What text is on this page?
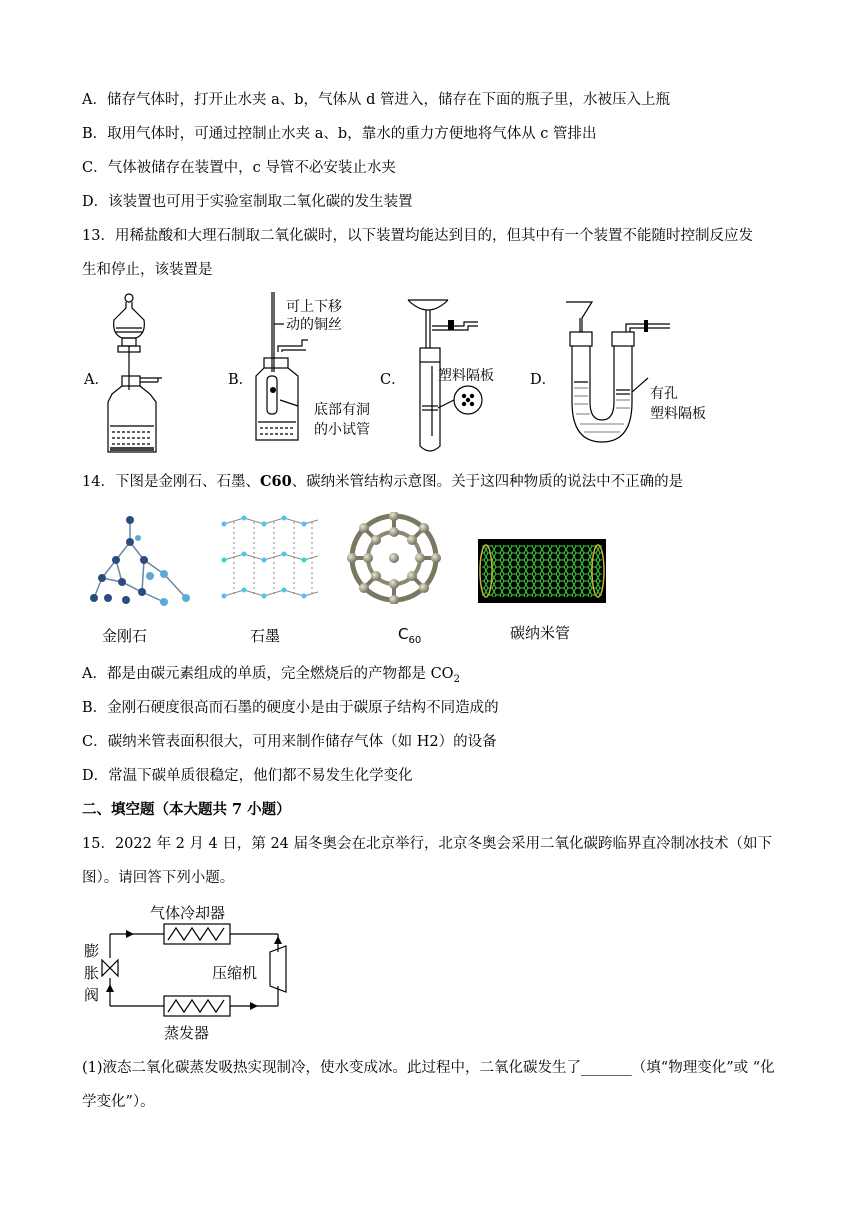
A．储存气体时，打开止水夹 a、b，气体从 d 管进入，储存在下面的瓶子里，水被压入上瓶
B．取用气体时，可通过控制止水夹 a、b，靠水的重力方便地将气体从 c 管排出
C．气体被储存在装置中，c 导管不必安装止水夹
D．该装置也可用于实验室制取二氧化碳的发生装置
13．用稀盐酸和大理石制取二氧化碳时，以下装置均能达到目的，但其中有一个装置不能随时控制反应发
生和停止，该装置是
A．	B．	C．	D．
可上下移
动的铜丝
底部有洞
的小试管
塑料隔板
有孔
塑料隔板
14．下图是金刚石、石墨、C60、碳纳米管结构示意图。关于这四种物质的说法中不正确的是
金刚石	石墨	$C_{60}$	碳纳米管
A．都是由碳元素组成的单质，完全燃烧后的产物都是 $CO_2$
B．金刚石硬度很高而石墨的硬度小是由于碳原子结构不同造成的
C．碳纳米管表面积很大，可用来制作储存气体（如 H2）的设备
D．常温下碳单质很稳定，他们都不易发生化学变化
二、填空题（本大题共 7 小题）
15．2022 年 2 月 4 日，第 24 届冬奥会在北京举行，北京冬奥会采用二氧化碳跨临界直冷制冰技术（如下
图）。请回答下列小题。
气体冷却器
压缩机
蒸发器
膨
胀
阀
(1)液态二氧化碳蒸发吸热实现制冷，使水变成冰。此过程中，二氧化碳发生了_______（填“物理变化”或 “化
学变化”）。
